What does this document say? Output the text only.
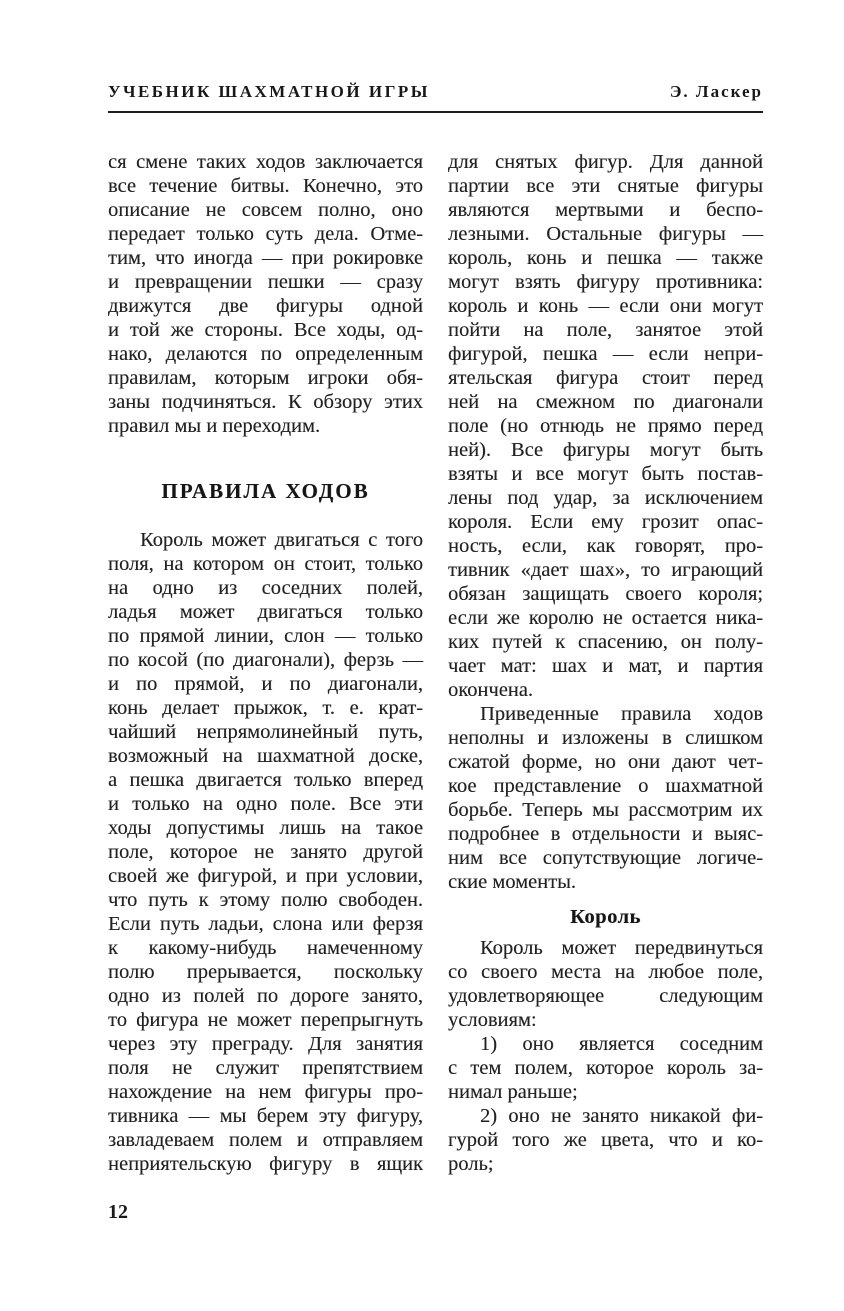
УЧЕБНИК ШАХМАТНОЙ ИГРЫ	Э. Ласкер
ся смене таких ходов заключается
все течение битвы. Конечно, это
описание не совсем полно, оно
передает только суть дела. Отме-
тим, что иногда — при рокировке
и превращении пешки — сразу
движутся две фигуры одной
и той же стороны. Все ходы, од-
нако, делаются по определенным
правилам, которым игроки обя-
заны подчиняться. К обзору этих
правил мы и переходим.
ПРАВИЛА ХОДОВ
Король может двигаться с того
поля, на котором он стоит, только
на одно из соседних полей,
ладья может двигаться только
по прямой линии, слон — только
по косой (по диагонали), ферзь —
и по прямой, и по диагонали,
конь делает прыжок, т. е. крат-
чайший непрямолинейный путь,
возможный на шахматной доске,
а пешка двигается только вперед
и только на одно поле. Все эти
ходы допустимы лишь на такое
поле, которое не занято другой
своей же фигурой, и при условии,
что путь к этому полю свободен.
Если путь ладьи, слона или ферзя
к какому-нибудь намеченному
полю прерывается, поскольку
одно из полей по дороге занято,
то фигура не может перепрыгнуть
через эту преграду. Для занятия
поля не служит препятствием
нахождение на нем фигуры про-
тивника — мы берем эту фигуру,
завладеваем полем и отправляем
неприятельскую фигуру в ящик
для снятых фигур. Для данной
партии все эти снятые фигуры
являются мертвыми и беспо-
лезными. Остальные фигуры —
король, конь и пешка — также
могут взять фигуру противника:
король и конь — если они могут
пойти на поле, занятое этой
фигурой, пешка — если непри-
ятельская фигура стоит перед
ней на смежном по диагонали
поле (но отнюдь не прямо перед
ней). Все фигуры могут быть
взяты и все могут быть постав-
лены под удар, за исключением
короля. Если ему грозит опас-
ность, если, как говорят, про-
тивник «дает шах», то играющий
обязан защищать своего короля;
если же королю не остается ника-
ких путей к спасению, он полу-
чает мат: шах и мат, и партия
окончена.
Приведенные правила ходов
неполны и изложены в слишком
сжатой форме, но они дают чет-
кое представление о шахматной
борьбе. Теперь мы рассмотрим их
подробнее в отдельности и выяс-
ним все сопутствующие логиче-
ские моменты.
Король
Король может передвинуться
со своего места на любое поле,
удовлетворяющее следующим
условиям:
1) оно является соседним
с тем полем, которое король за-
нимал раньше;
2) оно не занято никакой фи-
гурой того же цвета, что и ко-
роль;
12
